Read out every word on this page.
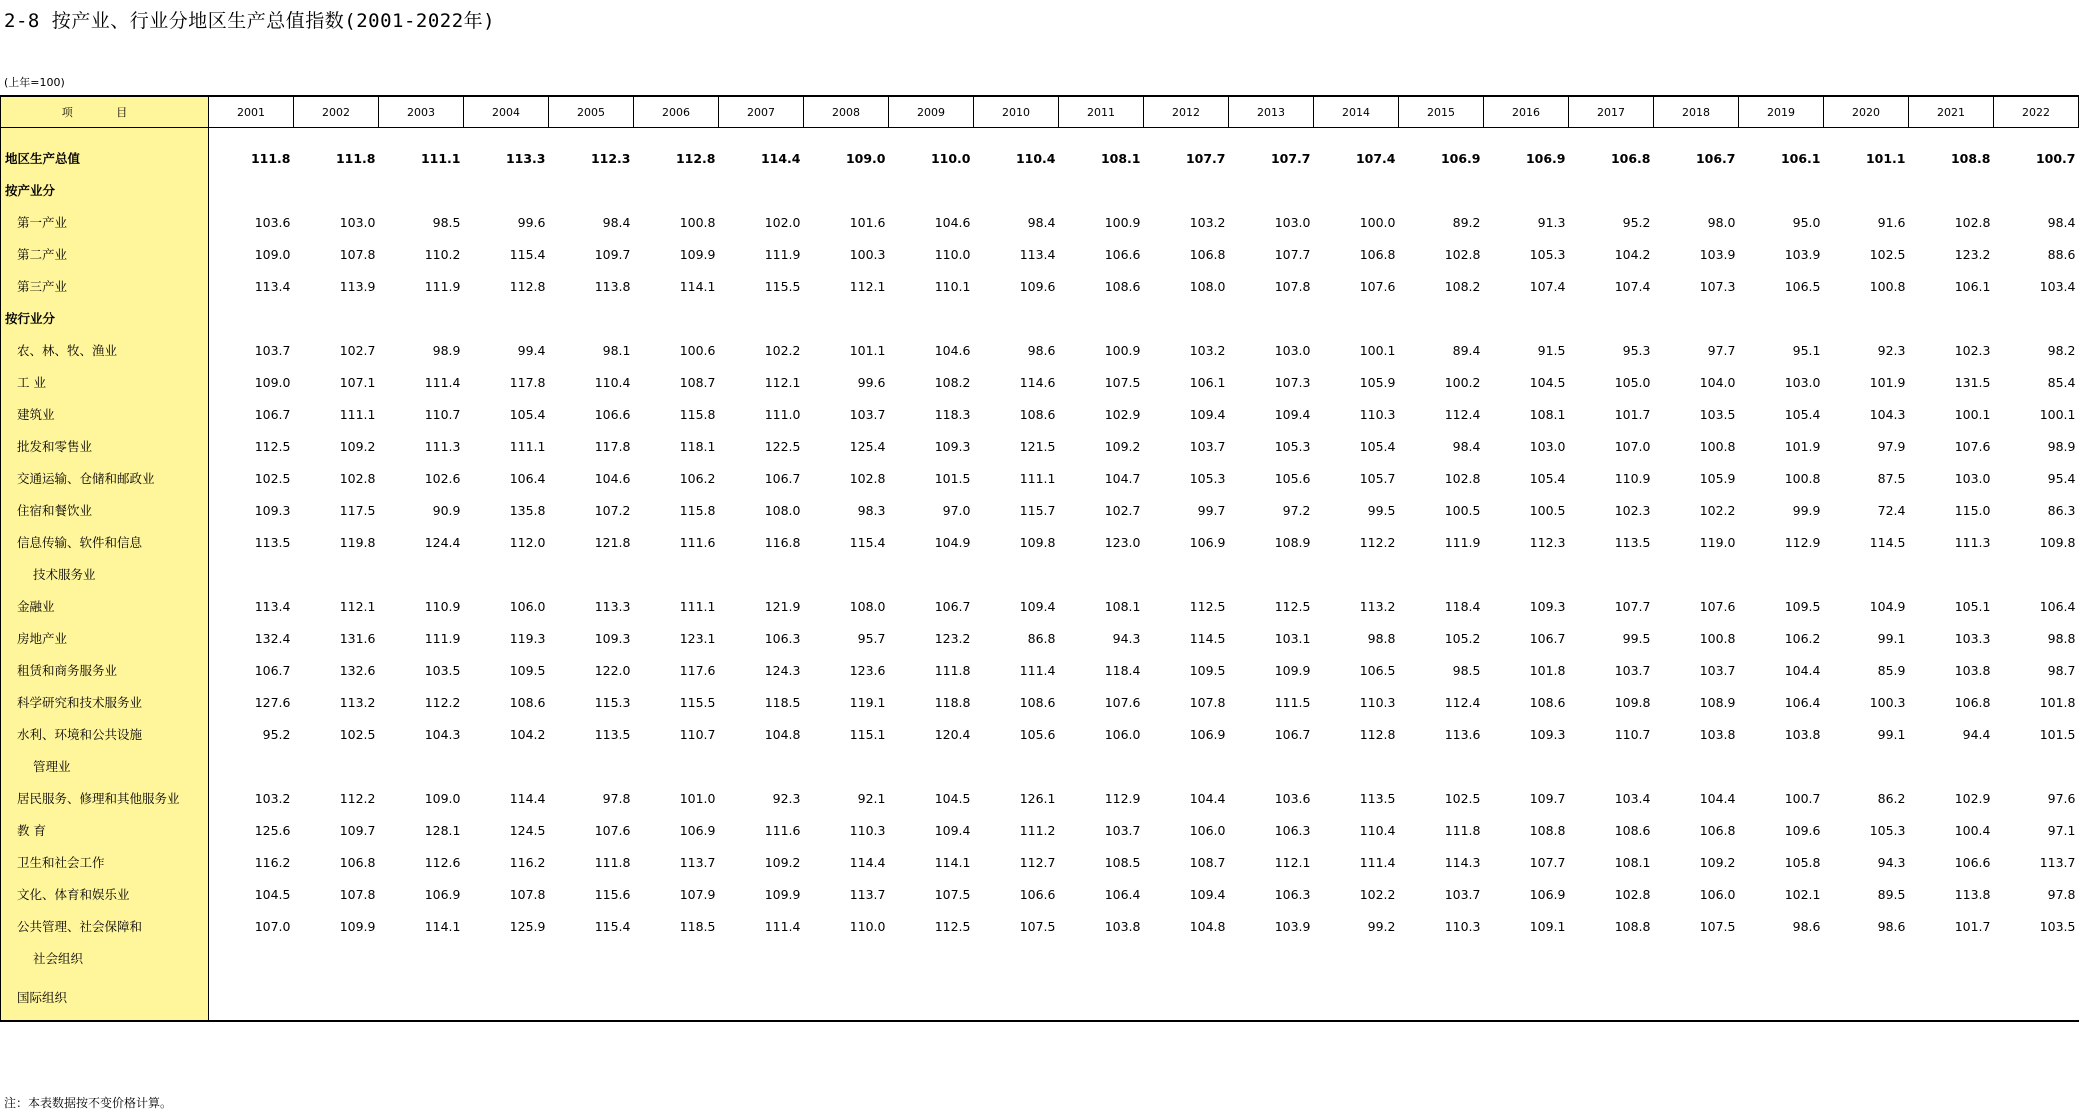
2-8 按产业、行业分地区生产总值指数(2001-2022年)
(上年=100)
项 目	2001	2002	2003	2004	2005	2006	2007	2008	2009	2010	2011	2012	2013	2014	2015	2016	2017	2018	2019	2020	2021	2022

地区生产总值	111.8	111.8	111.1	113.3	112.3	112.8	114.4	109.0	110.0	110.4	108.1	107.7	107.7	107.4	106.9	106.9	106.8	106.7	106.1	101.1	108.8	100.7
按产业分																						
第一产业	103.6	103.0	98.5	99.6	98.4	100.8	102.0	101.6	104.6	98.4	100.9	103.2	103.0	100.0	89.2	91.3	95.2	98.0	95.0	91.6	102.8	98.4
第二产业	109.0	107.8	110.2	115.4	109.7	109.9	111.9	100.3	110.0	113.4	106.6	106.8	107.7	106.8	102.8	105.3	104.2	103.9	103.9	102.5	123.2	88.6
第三产业	113.4	113.9	111.9	112.8	113.8	114.1	115.5	112.1	110.1	109.6	108.6	108.0	107.8	107.6	108.2	107.4	107.4	107.3	106.5	100.8	106.1	103.4
按行业分																						
农、林、牧、渔业	103.7	102.7	98.9	99.4	98.1	100.6	102.2	101.1	104.6	98.6	100.9	103.2	103.0	100.1	89.4	91.5	95.3	97.7	95.1	92.3	102.3	98.2
工 业	109.0	107.1	111.4	117.8	110.4	108.7	112.1	99.6	108.2	114.6	107.5	106.1	107.3	105.9	100.2	104.5	105.0	104.0	103.0	101.9	131.5	85.4
建筑业	106.7	111.1	110.7	105.4	106.6	115.8	111.0	103.7	118.3	108.6	102.9	109.4	109.4	110.3	112.4	108.1	101.7	103.5	105.4	104.3	100.1	100.1
批发和零售业	112.5	109.2	111.3	111.1	117.8	118.1	122.5	125.4	109.3	121.5	109.2	103.7	105.3	105.4	98.4	103.0	107.0	100.8	101.9	97.9	107.6	98.9
交通运输、仓储和邮政业	102.5	102.8	102.6	106.4	104.6	106.2	106.7	102.8	101.5	111.1	104.7	105.3	105.6	105.7	102.8	105.4	110.9	105.9	100.8	87.5	103.0	95.4
住宿和餐饮业	109.3	117.5	90.9	135.8	107.2	115.8	108.0	98.3	97.0	115.7	102.7	99.7	97.2	99.5	100.5	100.5	102.3	102.2	99.9	72.4	115.0	86.3
信息传输、软件和信息	113.5	119.8	124.4	112.0	121.8	111.6	116.8	115.4	104.9	109.8	123.0	106.9	108.9	112.2	111.9	112.3	113.5	119.0	112.9	114.5	111.3	109.8
技术服务业																						
金融业	113.4	112.1	110.9	106.0	113.3	111.1	121.9	108.0	106.7	109.4	108.1	112.5	112.5	113.2	118.4	109.3	107.7	107.6	109.5	104.9	105.1	106.4
房地产业	132.4	131.6	111.9	119.3	109.3	123.1	106.3	95.7	123.2	86.8	94.3	114.5	103.1	98.8	105.2	106.7	99.5	100.8	106.2	99.1	103.3	98.8
租赁和商务服务业	106.7	132.6	103.5	109.5	122.0	117.6	124.3	123.6	111.8	111.4	118.4	109.5	109.9	106.5	98.5	101.8	103.7	103.7	104.4	85.9	103.8	98.7
科学研究和技术服务业	127.6	113.2	112.2	108.6	115.3	115.5	118.5	119.1	118.8	108.6	107.6	107.8	111.5	110.3	112.4	108.6	109.8	108.9	106.4	100.3	106.8	101.8
水利、环境和公共设施	95.2	102.5	104.3	104.2	113.5	110.7	104.8	115.1	120.4	105.6	106.0	106.9	106.7	112.8	113.6	109.3	110.7	103.8	103.8	99.1	94.4	101.5
管理业																						
居民服务、修理和其他服务业	103.2	112.2	109.0	114.4	97.8	101.0	92.3	92.1	104.5	126.1	112.9	104.4	103.6	113.5	102.5	109.7	103.4	104.4	100.7	86.2	102.9	97.6
教 育	125.6	109.7	128.1	124.5	107.6	106.9	111.6	110.3	109.4	111.2	103.7	106.0	106.3	110.4	111.8	108.8	108.6	106.8	109.6	105.3	100.4	97.1
卫生和社会工作	116.2	106.8	112.6	116.2	111.8	113.7	109.2	114.4	114.1	112.7	108.5	108.7	112.1	111.4	114.3	107.7	108.1	109.2	105.8	94.3	106.6	113.7
文化、体育和娱乐业	104.5	107.8	106.9	107.8	115.6	107.9	109.9	113.7	107.5	106.6	106.4	109.4	106.3	102.2	103.7	106.9	102.8	106.0	102.1	89.5	113.8	97.8
公共管理、社会保障和	107.0	109.9	114.1	125.9	115.4	118.5	111.4	110.0	112.5	107.5	103.8	104.8	103.9	99.2	110.3	109.1	108.8	107.5	98.6	98.6	101.7	103.5
社会组织																						
国际组织																						
注：本表数据按不变价格计算。
